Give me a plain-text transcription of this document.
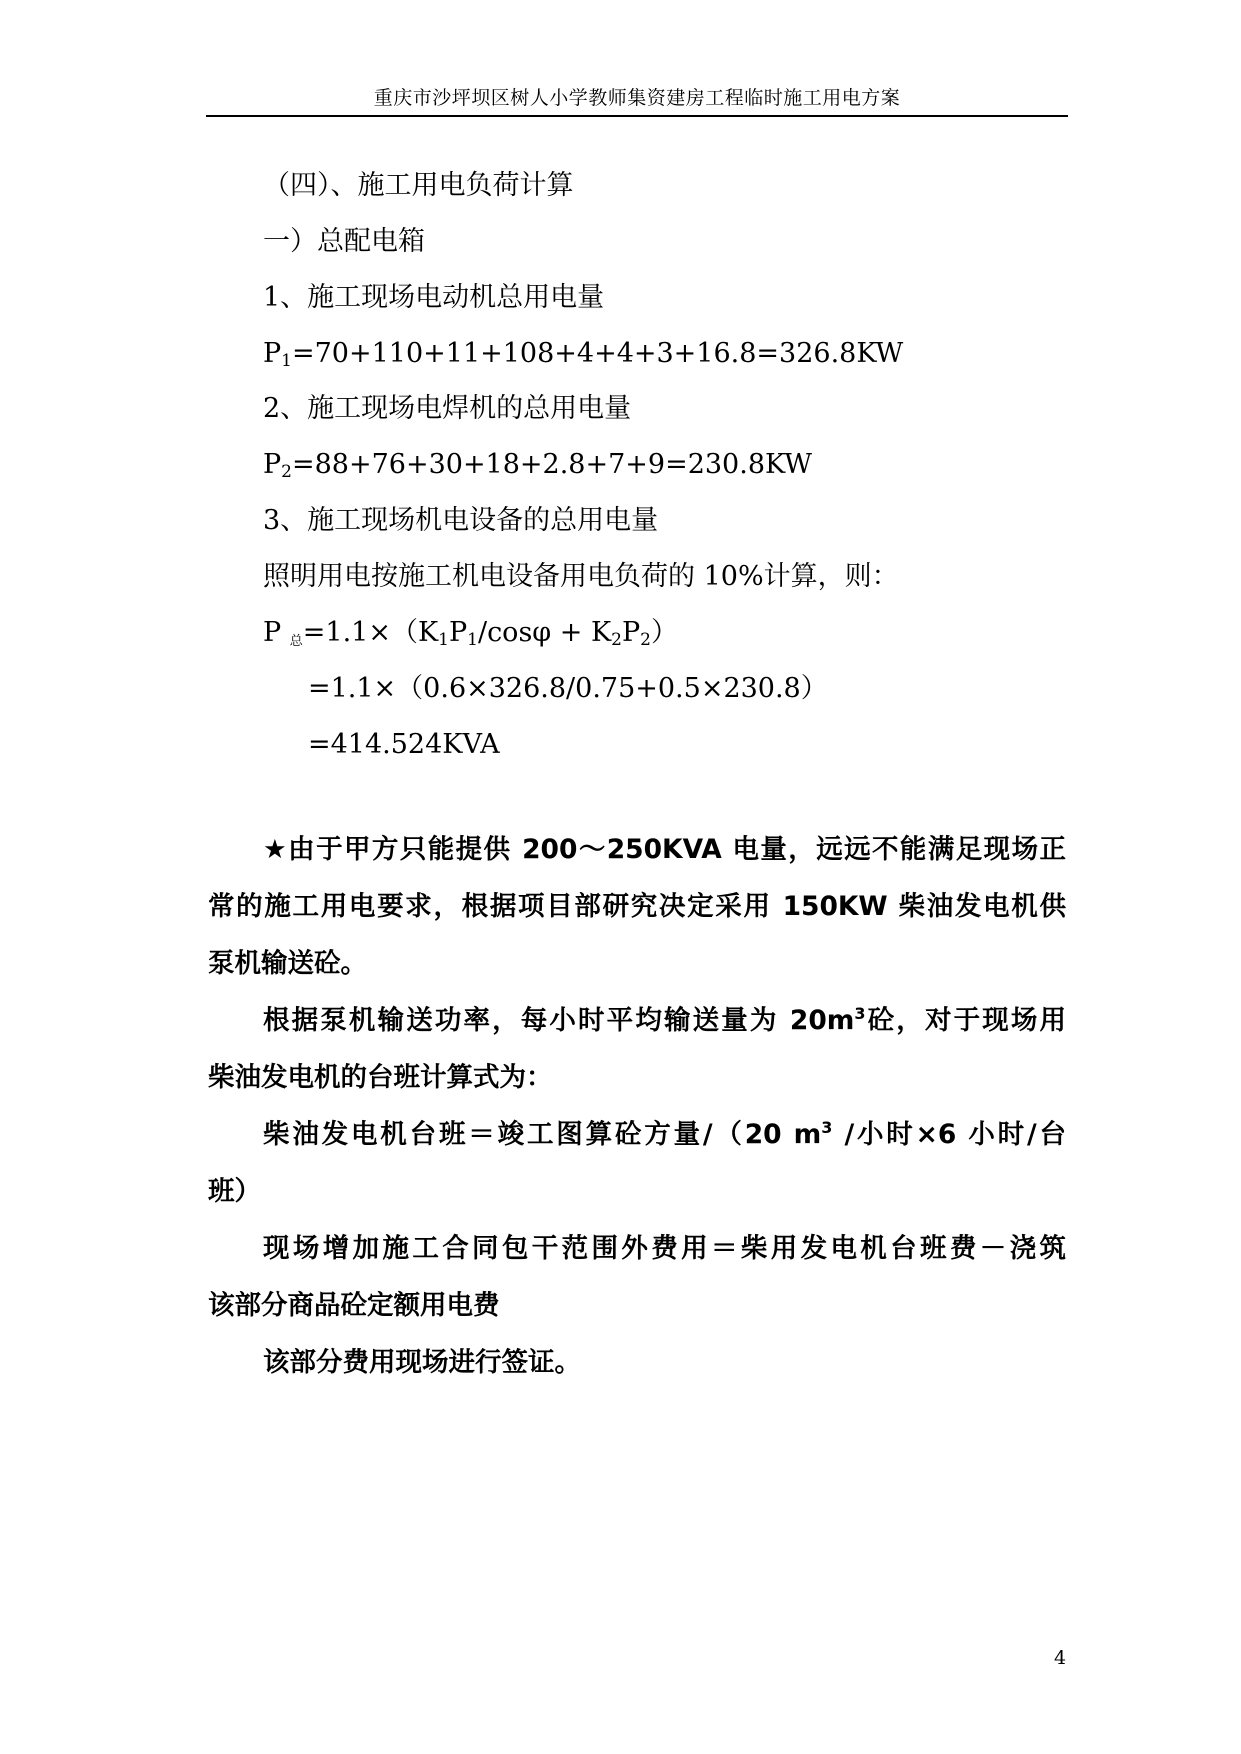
重庆市沙坪坝区树人小学教师集资建房工程临时施工用电方案
（四）、施工用电负荷计算
一）总配电箱
1、施工现场电动机总用电量
$P_1=70+110+11+108+4+4+3+16.8=326.8KW$
2、施工现场电焊机的总用电量
$P_2=88+76+30+18+2.8+7+9=230.8KW$
3、施工现场机电设备的总用电量
照明用电按施工机电设备用电负荷的 10%计算，则：
P 总$=1.1\times(K_1P_1$/cosφ + $K_2P_2$）
=1.1×（0.6×326.8/0.75+0.5×230.8）
=414.524KVA
★由于甲方只能提供 200～250KVA 电量，远远不能满足现场正
常的施工用电要求，根据项目部研究决定采用 150KW 柴油发电机供
泵机输送砼。
根据泵机输送功率，每小时平均输送量为 $20m^3$砼，对于现场用
柴油发电机的台班计算式为：
柴油发电机台班＝竣工图算砼方量/（20 $m^3$ /小时×6 小时/台
班）
现场增加施工合同包干范围外费用＝柴用发电机台班费－浇筑
该部分商品砼定额用电费
该部分费用现场进行签证。
4
